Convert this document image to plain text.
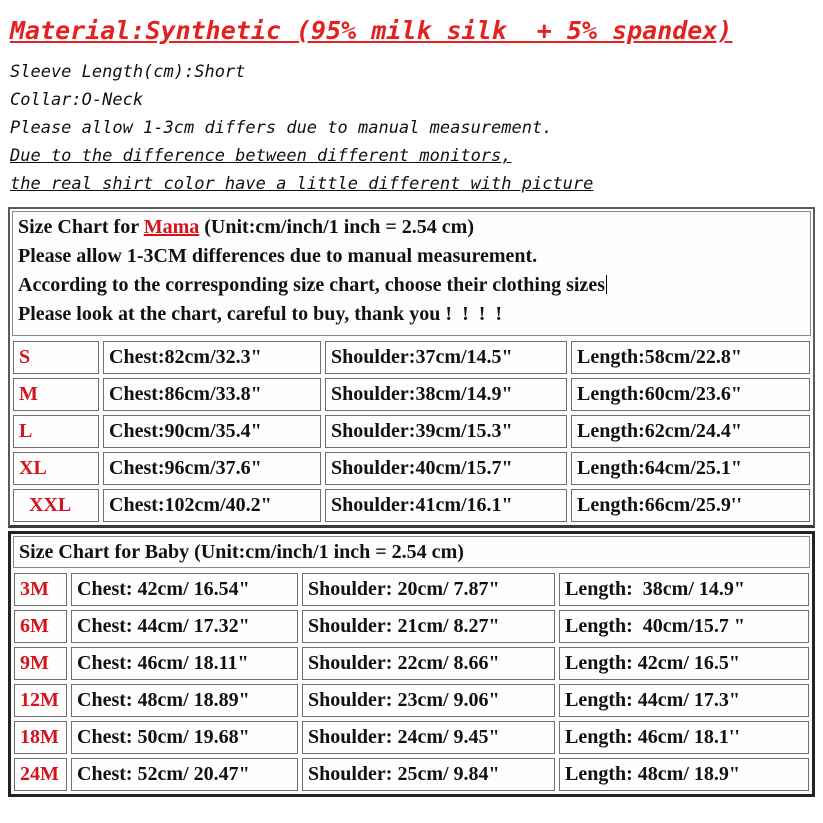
Material:Synthetic (95% milk silk  + 5% spandex)
Sleeve Length(cm):Short
Collar:O-Neck
Please allow 1-3cm differs due to manual measurement.
Due to the difference between different monitors,
the real shirt color have a little different with picture

Size Chart for Mama (Unit:cm/inch/1 inch = 2.54 cm)

Please allow 1-3CM differences due to manual measurement.

According to the corresponding size chart, choose their clothing sizes

Please look at the chart, careful to buy, thank you !  !  !  !

S	Chest:82cm/32.3"	Shoulder:37cm/14.5"	Length:58cm/22.8"
M	Chest:86cm/33.8"	Shoulder:38cm/14.9"	Length:60cm/23.6"
L	Chest:90cm/35.4"	Shoulder:39cm/15.3"	Length:62cm/24.4"
XL	Chest:96cm/37.6"	Shoulder:40cm/15.7"	Length:64cm/25.1"
XXL	Chest:102cm/40.2"	Shoulder:41cm/16.1"	Length:66cm/25.9''

Size Chart for Baby (Unit:cm/inch/1 inch = 2.54 cm)

3M	Chest: 42cm/ 16.54"	Shoulder: 20cm/ 7.87"	Length:  38cm/ 14.9"
6M	Chest: 44cm/ 17.32"	Shoulder: 21cm/ 8.27"	Length:  40cm/15.7 "
9M	Chest: 46cm/ 18.11"	Shoulder: 22cm/ 8.66"	Length: 42cm/ 16.5"
12M Chest: 48cm/ 18.89"	Shoulder: 23cm/ 9.06"	Length: 44cm/ 17.3"
18M Chest: 50cm/ 19.68"	Shoulder: 24cm/ 9.45"	Length: 46cm/ 18.1''
24M Chest: 52cm/ 20.47"	Shoulder: 25cm/ 9.84"	Length: 48cm/ 18.9"
